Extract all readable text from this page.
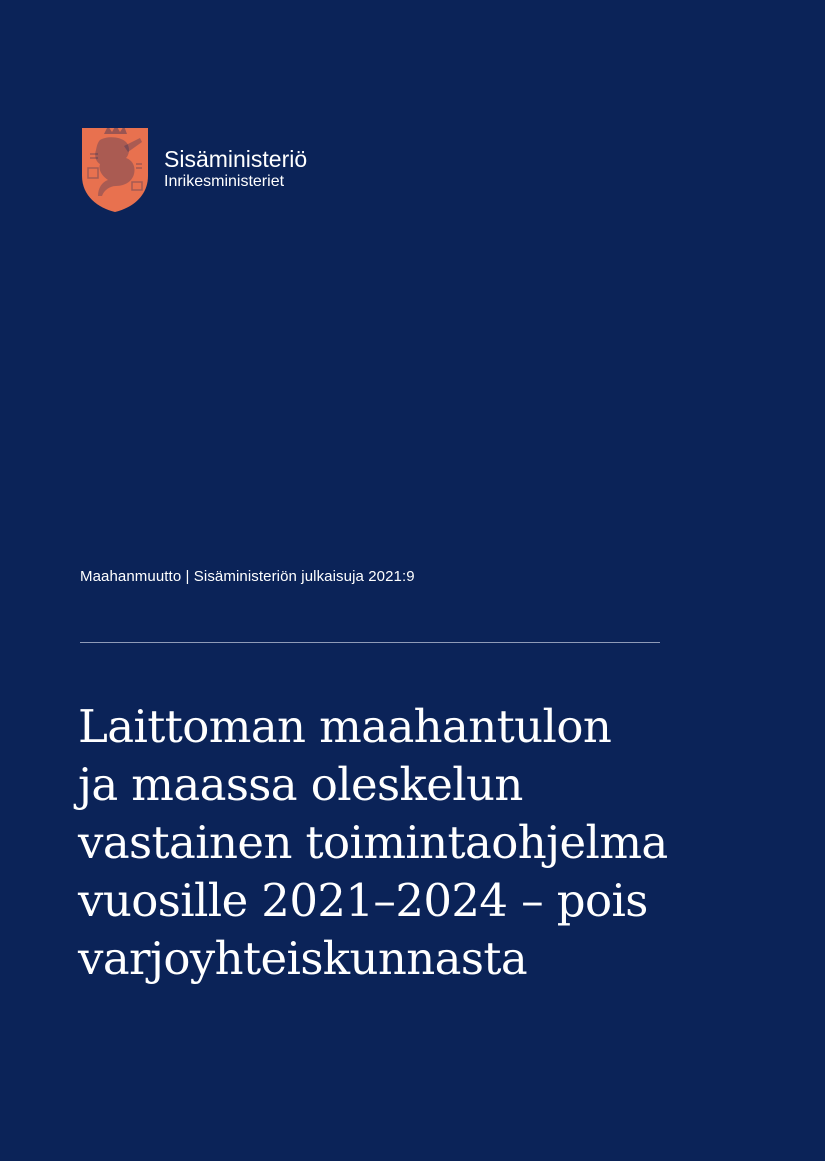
Sisäministeriö
Inrikesministeriet
Maahanmuutto | Sisäministeriön julkaisuja 2021:9
Laittoman maahantulon
ja maassa oleskelun
vastainen toimintaohjelma
vuosille 2021–2024 – pois
varjoyhteiskunnasta
